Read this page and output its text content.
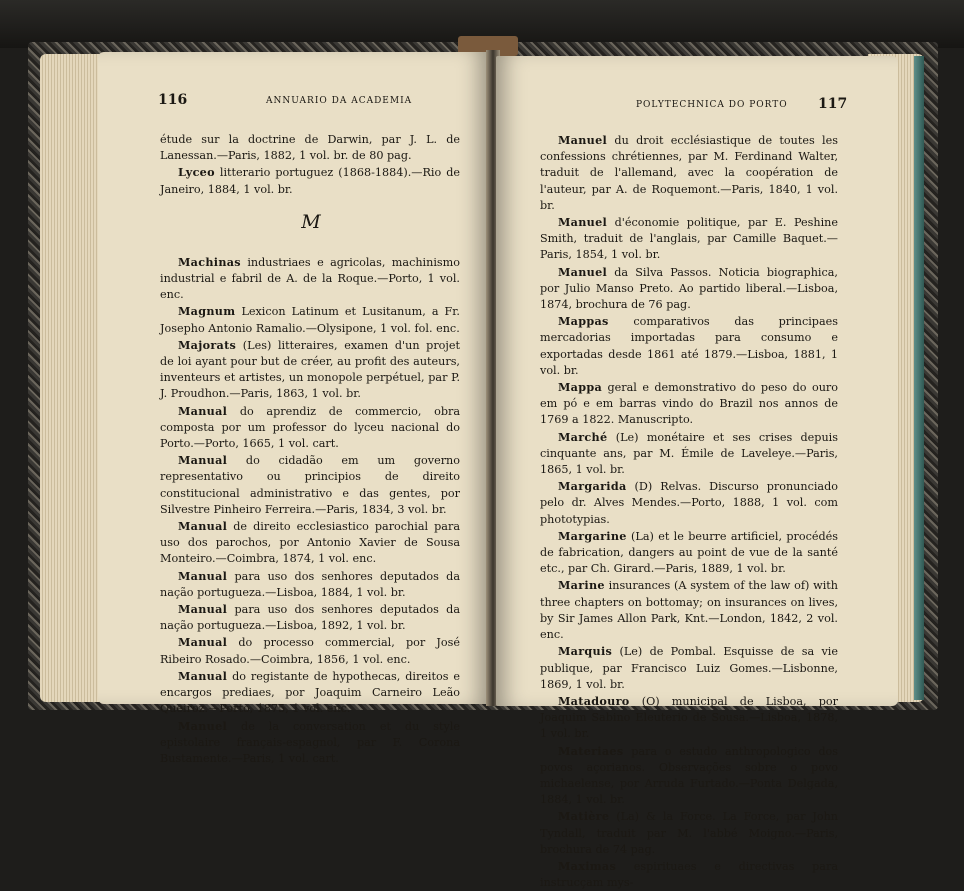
116	ANNUARIO DA ACADEMIA

étude sur la doctrine de Darwin, par J. L. de Lanessan.—Paris, 1882, 1 vol. br. de 80 pag.

Lyceo litterario portuguez (1868-1884).—Rio de Janeiro, 1884, 1 vol. br.

M

Machinas industriaes e agricolas, machinismo industrial e fabril de A. de la Roque.—Porto, 1 vol. enc.

Magnum Lexicon Latinum et Lusitanum, a Fr. Josepho Antonio Ramalio.—Olysipone, 1 vol. fol. enc.

Majorats (Les) litteraires, examen d'un projet de loi ayant pour but de créer, au profit des auteurs, inventeurs et artistes, un monopole perpétuel, par P. J. Proudhon.—Paris, 1863, 1 vol. br.

Manual do aprendiz de commercio, obra composta por um professor do lyceu nacional do Porto.—Porto, 1665, 1 vol. cart.

Manual do cidadão em um governo representativo ou principios de direito constitucional administrativo e das gentes, por Silvestre Pinheiro Ferreira.—Paris, 1834, 3 vol. br.

Manual de direito ecclesiastico parochial para uso dos parochos, por Antonio Xavier de Sousa Monteiro.—Coimbra, 1874, 1 vol. enc.

Manual para uso dos senhores deputados da nação portugueza.—Lisboa, 1884, 1 vol. br.

Manual para uso dos senhores deputados da nação portugueza.—Lisboa, 1892, 1 vol. br.

Manual do processo commercial, por José Ribeiro Rosado.—Coimbra, 1856, 1 vol. enc.

Manual do registante de hypothecas, direitos e encargos prediaes, por Joaquim Carneiro Leão Queiroz.—Porto, 1875, 1 vol. enc.

Manuel de la conversation et du style epistolaire français-espagnol, par F. Corona Bustamente.—Paris, 1 vol. cart.

POLYTECHNICA DO PORTO 117

Manuel du droit ecclésiastique de toutes les confessions chrétiennes, par M. Ferdinand Walter, traduit de l'allemand, avec la coopération de l'auteur, par A. de Roquemont.—Paris, 1840, 1 vol. br.

Manuel d'économie politique, par E. Peshine Smith, traduit de l'anglais, par Camille Baquet.—Paris, 1854, 1 vol. br.

Manuel da Silva Passos. Noticia biographica, por Julio Manso Preto. Ao partido liberal.—Lisboa, 1874, brochura de 76 pag.

Mappas comparativos das principaes mercadorias importadas para consumo e exportadas desde 1861 até 1879.—Lisboa, 1881, 1 vol. br.

Mappa geral e demonstrativo do peso do ouro em pó e em barras vindo do Brazil nos annos de 1769 a 1822. Manuscripto.

Marché (Le) monétaire et ses crises depuis cinquante ans, par M. Émile de Laveleye.—Paris, 1865, 1 vol. br.

Margarida (D) Relvas. Discurso pronunciado pelo dr. Alves Mendes.—Porto, 1888, 1 vol. com phototypias.

Margarine (La) et le beurre artificiel, procédés de fabrication, dangers au point de vue de la santé etc., par Ch. Girard.—Paris, 1889, 1 vol. br.

Marine insurances (A system of the law of) with three chapters on bottomay; on insurances on lives, by Sir James Allon Park, Knt.—London, 1842, 2 vol. enc.

Marquis (Le) de Pombal. Esquisse de sa vie publique, par Francisco Luiz Gomes.—Lisbonne, 1869, 1 vol. br.

Matadouro (O) municipal de Lisboa, por Joaquim Sabino Eleuterio de Sousa.—Lisboa, 1878, 1 vol. br.

Materiaes para o estudo anthropologico dos povos açorianos. Observações sobre o povo michaelense, por Arruda Furtado.—Ponta Delgada, 1884, 1 vol. br.

Matière (La) & la Force. La Force, par John Tyndall, traduit par M. l'abbé Moigno.—Paris, brochura de 74 pag.

Maximas espirituaes e directivas para instrucçam mys-
